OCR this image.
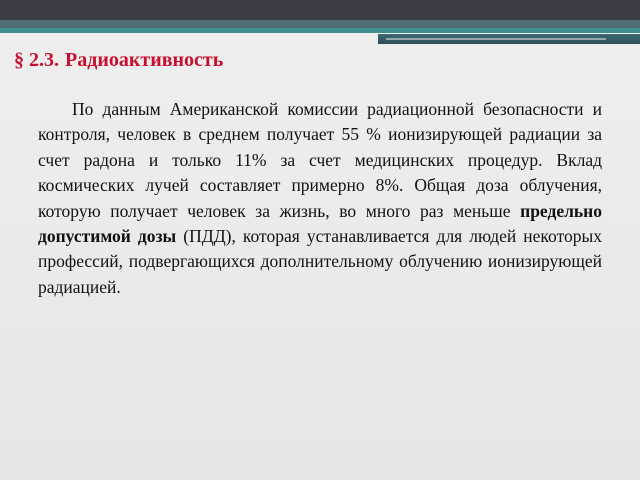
§ 2.3. Радиоактивность

По данным Американской комиссии радиационной безопасности и контроля, человек в среднем получает 55 % ионизирующей радиации за счет радона и только 11% за счет медицинских процедур. Вклад космических лучей составляет примерно 8%. Общая доза облучения, которую получает человек за жизнь, во много раз меньше предельно допустимой дозы (ПДД), которая устанавливается для людей некоторых профессий, подвергающихся дополнительному облучению ионизирующей радиацией.
